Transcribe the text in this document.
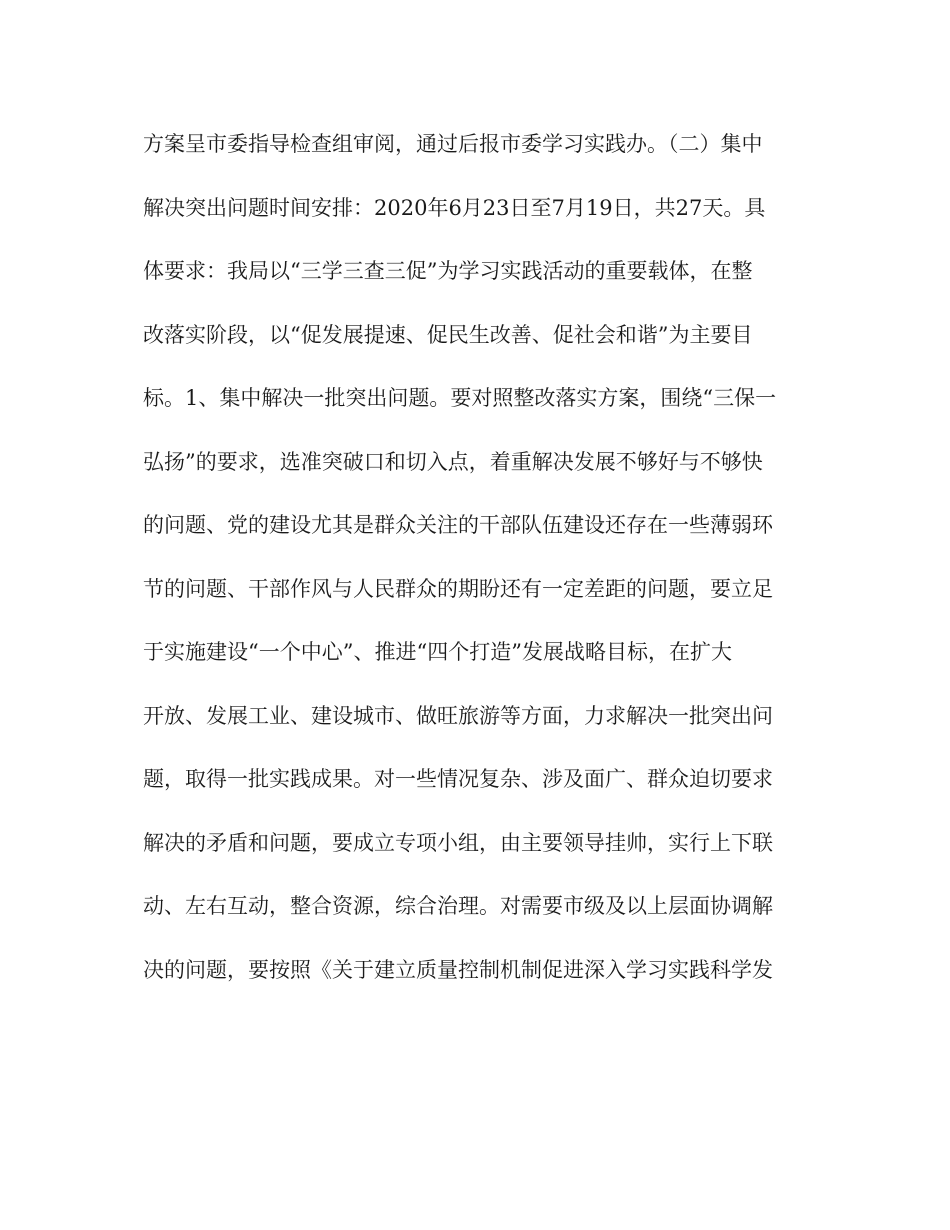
方案呈市委指导检查组审阅，通过后报市委学习实践办。（二）集中
解决突出问题时间安排：2020年6月23日至7月19日，共27天。具
体要求：我局以“三学三查三促”为学习实践活动的重要载体，在整
改落实阶段，以“促发展提速、促民生改善、促社会和谐”为主要目
标。1、集中解决一批突出问题。要对照整改落实方案，围绕“三保一
弘扬”的要求，选准突破口和切入点，着重解决发展不够好与不够快
的问题、党的建设尤其是群众关注的干部队伍建设还存在一些薄弱环
节的问题、干部作风与人民群众的期盼还有一定差距的问题，要立足
于实施建设“一个中心”、推进“四个打造”发展战略目标，在扩大
开放、发展工业、建设城市、做旺旅游等方面，力求解决一批突出问
题，取得一批实践成果。对一些情况复杂、涉及面广、群众迫切要求
解决的矛盾和问题，要成立专项小组，由主要领导挂帅，实行上下联
动、左右互动，整合资源，综合治理。对需要市级及以上层面协调解
决的问题，要按照《关于建立质量控制机制促进深入学习实践科学发
